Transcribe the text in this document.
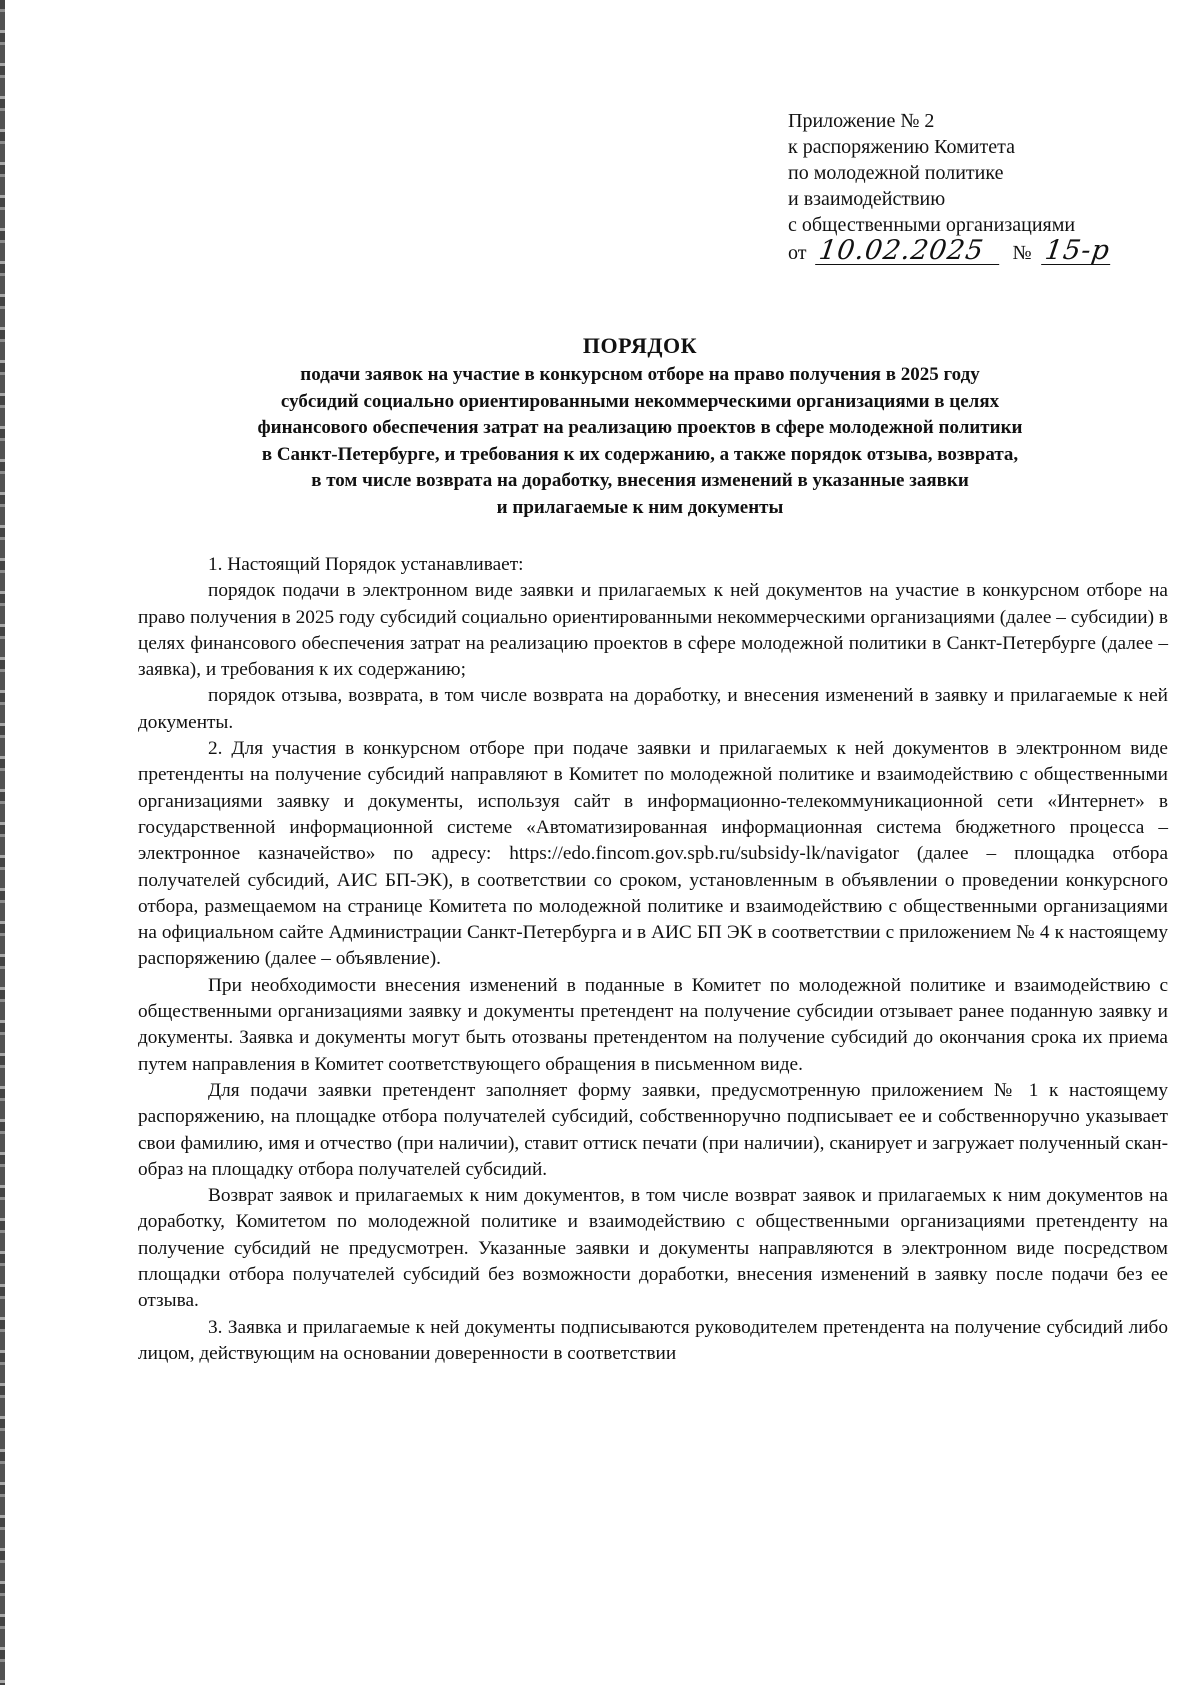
Приложение № 2
к распоряжению Комитета
по молодежной политике
и взаимодействию
с общественными организациями
от 10.02.2025 № 15-р
ПОРЯДОК
подачи заявок на участие в конкурсном отборе на право получения в 2025 году
субсидий социально ориентированными некоммерческими организациями в целях
финансового обеспечения затрат на реализацию проектов в сфере молодежной политики
в Санкт-Петербурге, и требования к их содержанию, а также порядок отзыва, возврата,
в том числе возврата на доработку, внесения изменений в указанные заявки
и прилагаемые к ним документы

1. Настоящий Порядок устанавливает:

порядок подачи в электронном виде заявки и прилагаемых к ней документов на участие в конкурсном отборе на право получения в 2025 году субсидий социально ориентированными некоммерческими организациями (далее – субсидии) в целях финансового обеспечения затрат на реализацию проектов в сфере молодежной политики в Санкт-Петербурге (далее – заявка), и требования к их содержанию;

порядок отзыва, возврата, в том числе возврата на доработку, и внесения изменений в заявку и прилагаемые к ней документы.

2. Для участия в конкурсном отборе при подаче заявки и прилагаемых к ней документов в электронном виде претенденты на получение субсидий направляют в Комитет по молодежной политике и взаимодействию с общественными организациями заявку и документы, используя сайт в информационно-телекоммуникационной сети «Интернет» в государственной информационной системе «Автоматизированная информационная система бюджетного процесса – электронное казначейство» по адресу: https://edo.fincom.gov.spb.ru/subsidy-lk/navigator (далее – площадка отбора получателей субсидий, АИС БП-ЭК), в соответствии со сроком, установленным в объявлении о проведении конкурсного отбора, размещаемом на странице Комитета по молодежной политике и взаимодействию с общественными организациями на официальном сайте Администрации Санкт-Петербурга и в АИС БП ЭК в соответствии с приложением № 4 к настоящему распоряжению (далее – объявление).

При необходимости внесения изменений в поданные в Комитет по молодежной политике и взаимодействию с общественными организациями заявку и документы претендент на получение субсидии отзывает ранее поданную заявку и документы. Заявка и документы могут быть отозваны претендентом на получение субсидий до окончания срока их приема путем направления в Комитет соответствующего обращения в письменном виде.

Для подачи заявки претендент заполняет форму заявки, предусмотренную приложением № 1 к настоящему распоряжению, на площадке отбора получателей субсидий, собственноручно подписывает ее и собственноручно указывает свои фамилию, имя и отчество (при наличии), ставит оттиск печати (при наличии), сканирует и загружает полученный скан-образ на площадку отбора получателей субсидий.

Возврат заявок и прилагаемых к ним документов, в том числе возврат заявок и прилагаемых к ним документов на доработку, Комитетом по молодежной политике и взаимодействию с общественными организациями претенденту на получение субсидий не предусмотрен. Указанные заявки и документы направляются в электронном виде посредством площадки отбора получателей субсидий без возможности доработки, внесения изменений в заявку после подачи без ее отзыва.

3. Заявка и прилагаемые к ней документы подписываются руководителем претендента на получение субсидий либо лицом, действующим на основании доверенности в соответствии
